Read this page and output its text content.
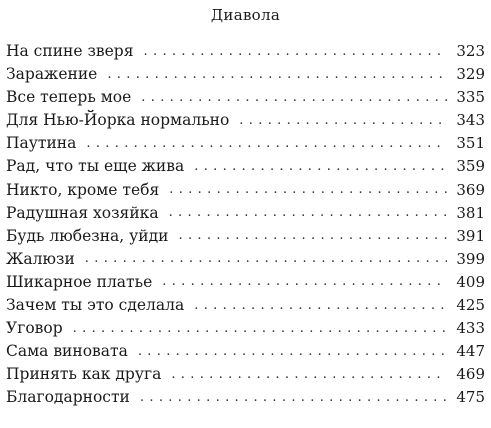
Диавола
На спине зверя . . .	323
Заражение . . .	329
Все теперь мое . . .	335
Для Нью-Йорка нормально . . .	343
Паутина . . .	351
Рад, что ты еще жива . . .	359
Никто, кроме тебя . . .	369
Радушная хозяйка . . .	381
Будь любезна, уйди . . .	391
Жалюзи . . .	399
Шикарное платье . . .	409
Зачем ты это сделала . . .	425
Уговор . . .	433
Сама виновата . . .	447
Принять как друга . . .	469
Благодарности . . .	475
